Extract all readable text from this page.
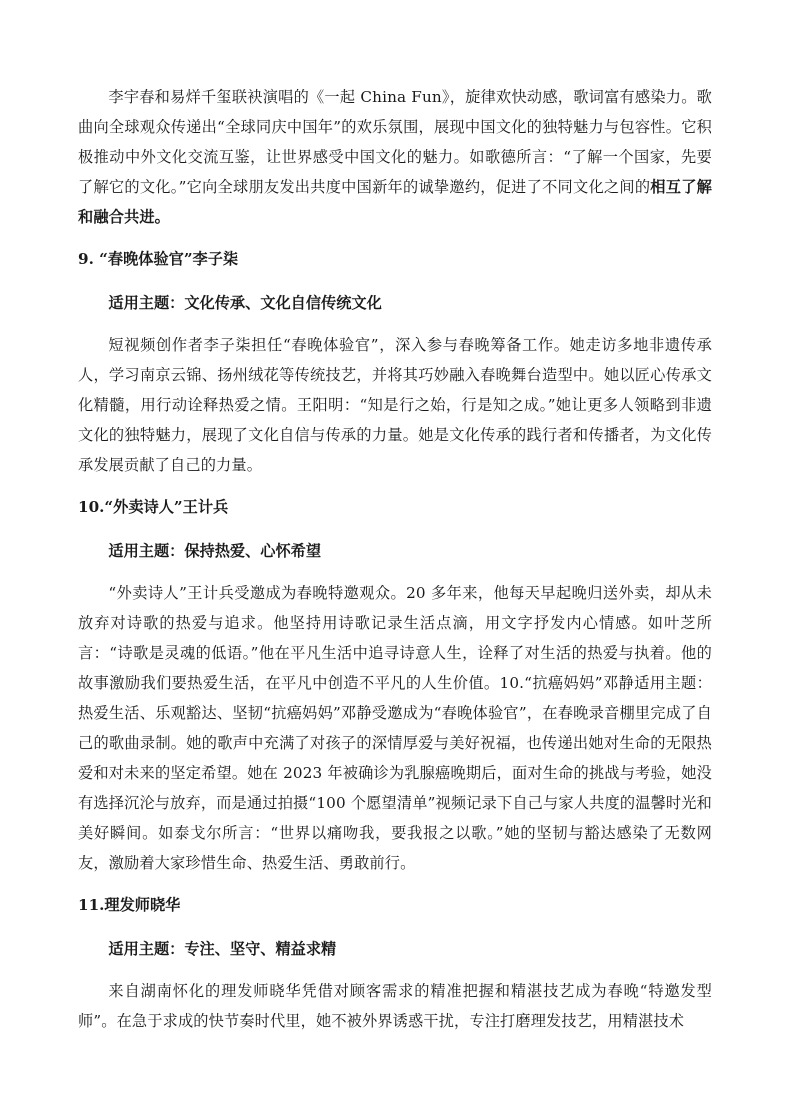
李宇春和易烊千玺联袂演唱的《一起 China Fun》，旋律欢快动感，歌词富有感染力。歌曲向全球观众传递出“全球同庆中国年”的欢乐氛围，展现中国文化的独特魅力与包容性。它积极推动中外文化交流互鉴，让世界感受中国文化的魅力。如歌德所言：“了解一个国家，先要了解它的文化。”它向全球朋友发出共度中国新年的诚挚邀约，促进了不同文化之间的相互了解和融合共进。

9. “春晚体验官”李子柒

适用主题：文化传承、文化自信传统文化

短视频创作者李子柒担任“春晚体验官”，深入参与春晚筹备工作。她走访多地非遗传承人，学习南京云锦、扬州绒花等传统技艺，并将其巧妙融入春晚舞台造型中。她以匠心传承文化精髓，用行动诠释热爱之情。王阳明：“知是行之始，行是知之成。”她让更多人领略到非遗文化的独特魅力，展现了文化自信与传承的力量。她是文化传承的践行者和传播者，为文化传承发展贡献了自己的力量。

10.“外卖诗人”王计兵

适用主题：保持热爱、心怀希望

“外卖诗人”王计兵受邀成为春晚特邀观众。20 多年来，他每天早起晚归送外卖，却从未放弃对诗歌的热爱与追求。他坚持用诗歌记录生活点滴，用文字抒发内心情感。如叶芝所言：“诗歌是灵魂的低语。”他在平凡生活中追寻诗意人生，诠释了对生活的热爱与执着。他的故事激励我们要热爱生活，在平凡中创造不平凡的人生价值。10.“抗癌妈妈”邓静适用主题：热爱生活、乐观豁达、坚韧“抗癌妈妈”邓静受邀成为“春晚体验官”，在春晚录音棚里完成了自己的歌曲录制。她的歌声中充满了对孩子的深情厚爱与美好祝福，也传递出她对生命的无限热爱和对未来的坚定希望。她在 2023 年被确诊为乳腺癌晚期后，面对生命的挑战与考验，她没有选择沉沦与放弃，而是通过拍摄“100 个愿望清单”视频记录下自己与家人共度的温馨时光和美好瞬间。如泰戈尔所言：“世界以痛吻我，要我报之以歌。”她的坚韧与豁达感染了无数网友，激励着大家珍惜生命、热爱生活、勇敢前行。

11.理发师晓华

适用主题：专注、坚守、精益求精

来自湖南怀化的理发师晓华凭借对顾客需求的精准把握和精湛技艺成为春晚“特邀发型师”。在急于求成的快节奏时代里，她不被外界诱惑干扰，专注打磨理发技艺，用精湛技术
